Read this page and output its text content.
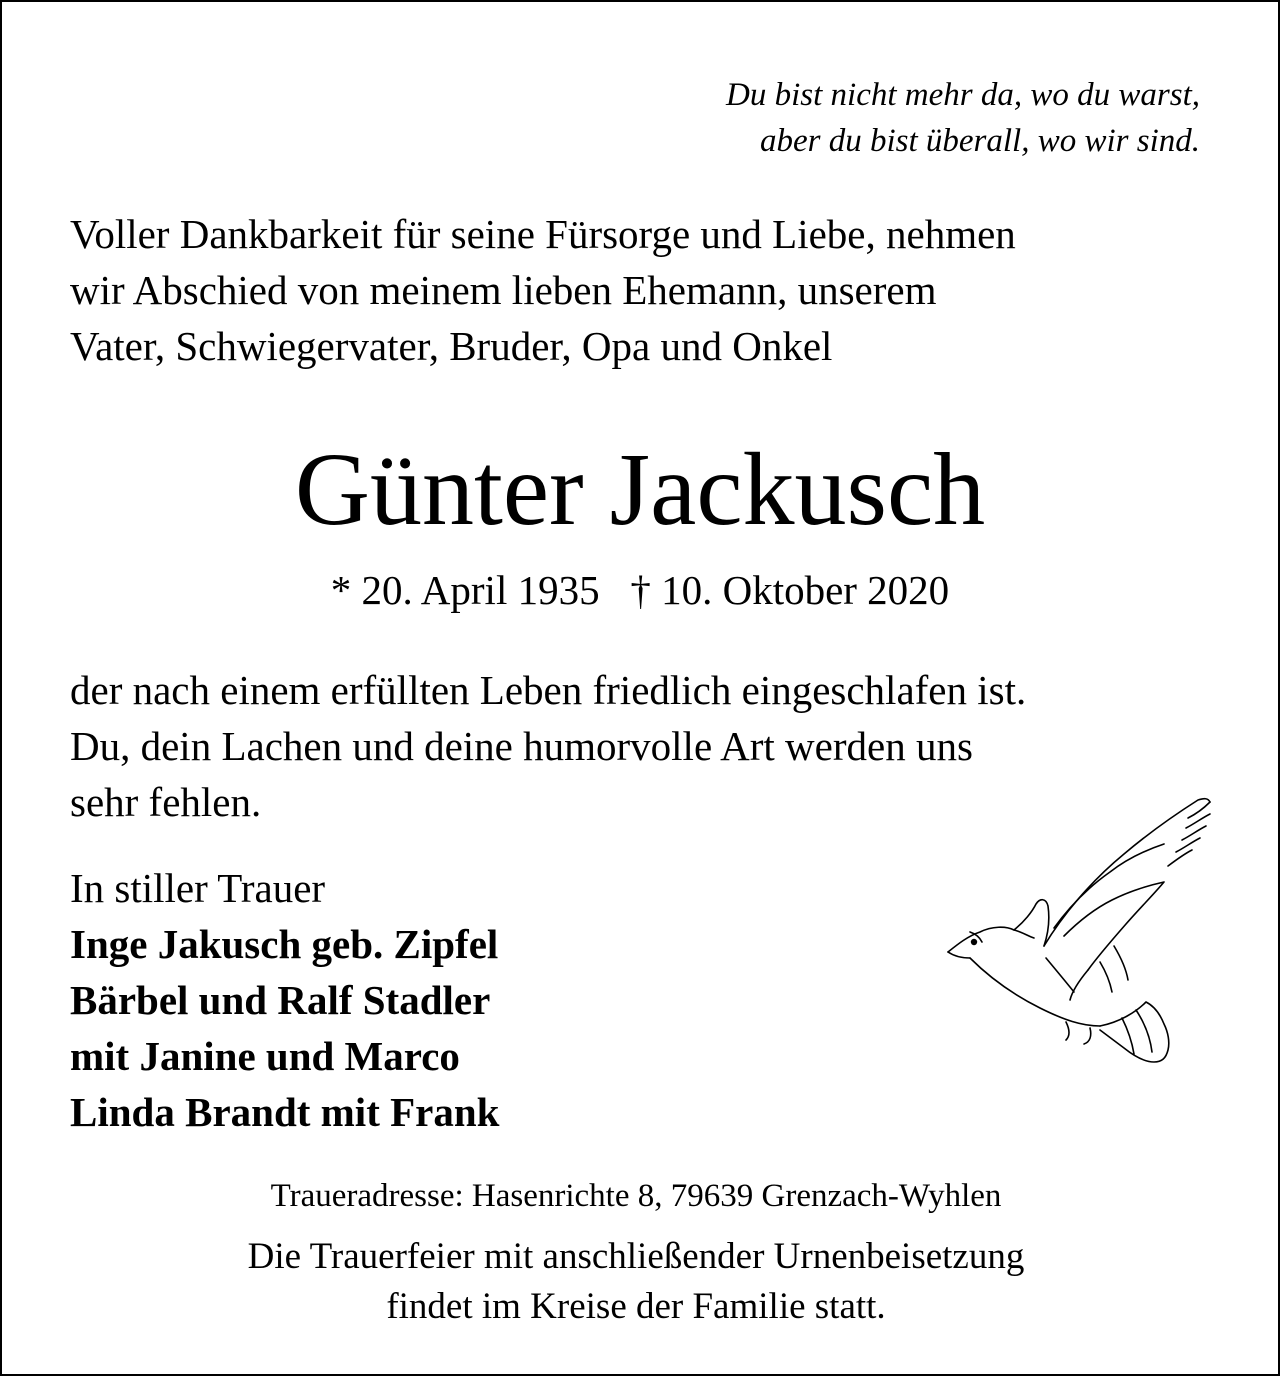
Du bist nicht mehr da, wo du warst,
aber du bist überall, wo wir sind.
Voller Dankbarkeit für seine Fürsorge und Liebe, nehmen
wir Abschied von meinem lieben Ehemann, unserem
Vater, Schwiegervater, Bruder, Opa und Onkel
Günter Jackusch
* 20. April 1935   † 10. Oktober 2020
der nach einem erfüllten Leben friedlich eingeschlafen ist.
Du, dein Lachen und deine humorvolle Art werden uns
sehr fehlen.
In stiller Trauer
Inge Jakusch geb. Zipfel
Bärbel und Ralf Stadler
mit Janine und Marco
Linda Brandt mit Frank
Traueradresse: Hasenrichte 8, 79639 Grenzach-Wyhlen
Die Trauerfeier mit anschließender Urnenbeisetzung
findet im Kreise der Familie statt.
